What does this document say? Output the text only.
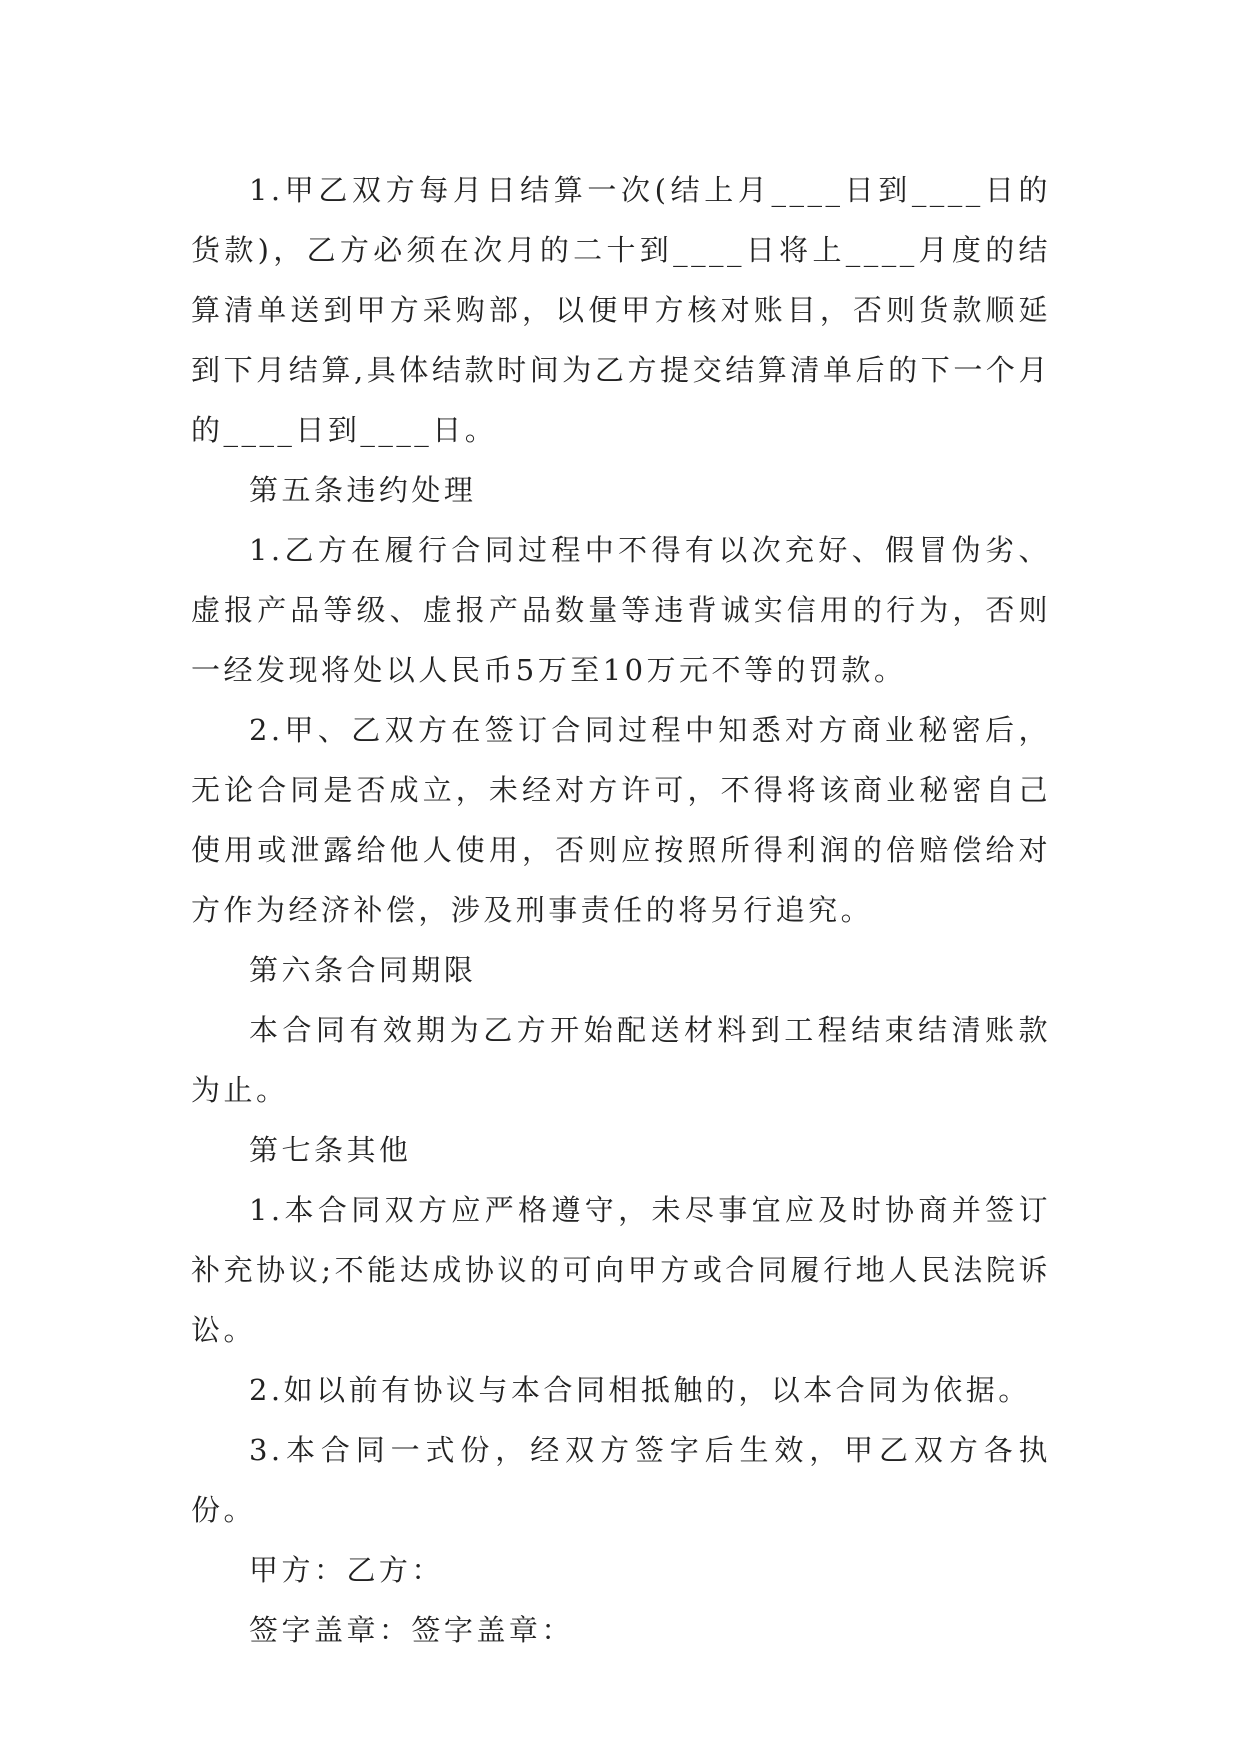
1.甲乙双方每月日结算一次(结上月____日到____日的货款)，乙方必须在次月的二十到____日将上____月度的结算清单送到甲方采购部，以便甲方核对账目，否则货款顺延到下月结算,具体结款时间为乙方提交结算清单后的下一个月的____日到____日。

第五条违约处理

1.乙方在履行合同过程中不得有以次充好、假冒伪劣、虚报产品等级、虚报产品数量等违背诚实信用的行为，否则一经发现将处以人民币5万至10万元不等的罚款。

2.甲、乙双方在签订合同过程中知悉对方商业秘密后，无论合同是否成立，未经对方许可，不得将该商业秘密自己使用或泄露给他人使用，否则应按照所得利润的倍赔偿给对方作为经济补偿，涉及刑事责任的将另行追究。

第六条合同期限

本合同有效期为乙方开始配送材料到工程结束结清账款为止。

第七条其他

1.本合同双方应严格遵守，未尽事宜应及时协商并签订补充协议;不能达成协议的可向甲方或合同履行地人民法院诉讼。

2.如以前有协议与本合同相抵触的，以本合同为依据。

3.本合同一式份，经双方签字后生效，甲乙双方各执份。

甲方：乙方：

签字盖章：签字盖章：
